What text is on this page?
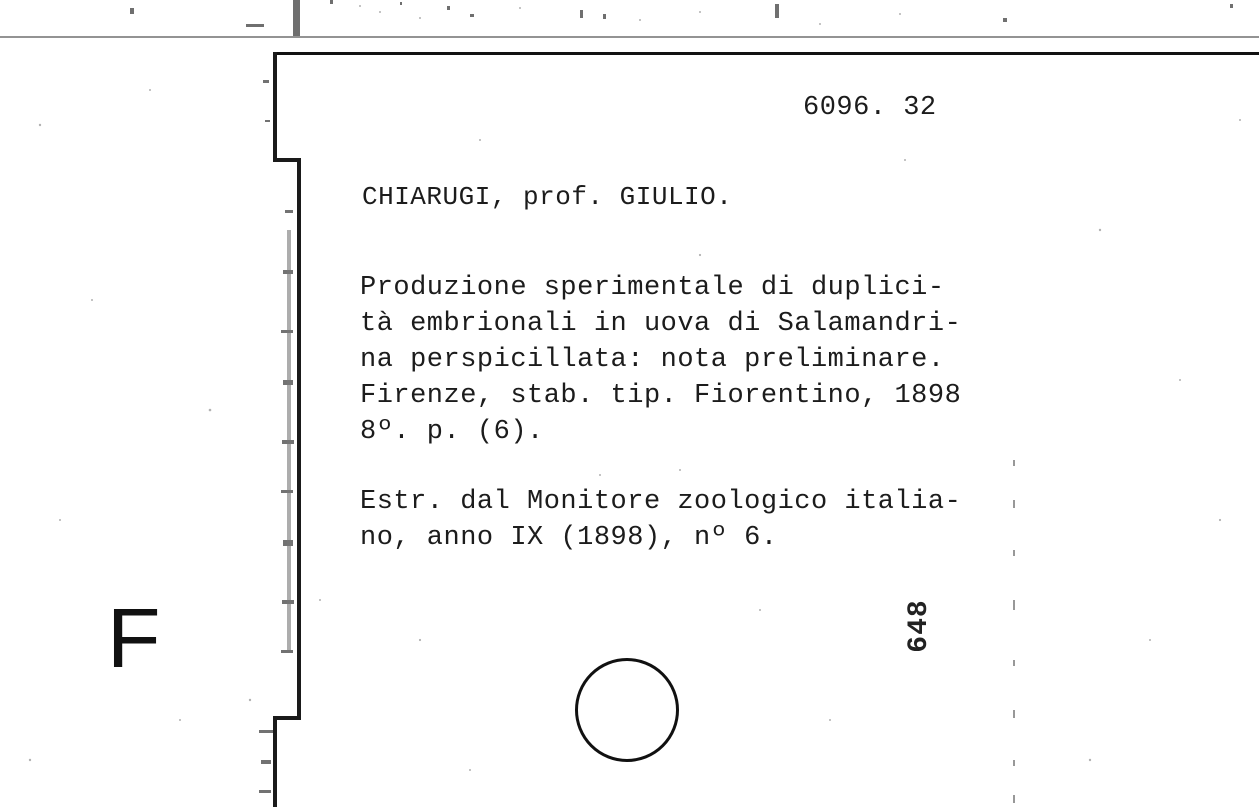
6096. 32
CHIARUGI, prof. GIULIO.
Produzione sperimentale di duplici-
tà embrionali in uova di Salamandri-
na perspicillata: nota preliminare.
Firenze, stab. tip. Fiorentino, 1898
8º. p. (6).
Estr. dal Monitore zoologico italia-
no, anno IX (1898), nº 6.
648
F
